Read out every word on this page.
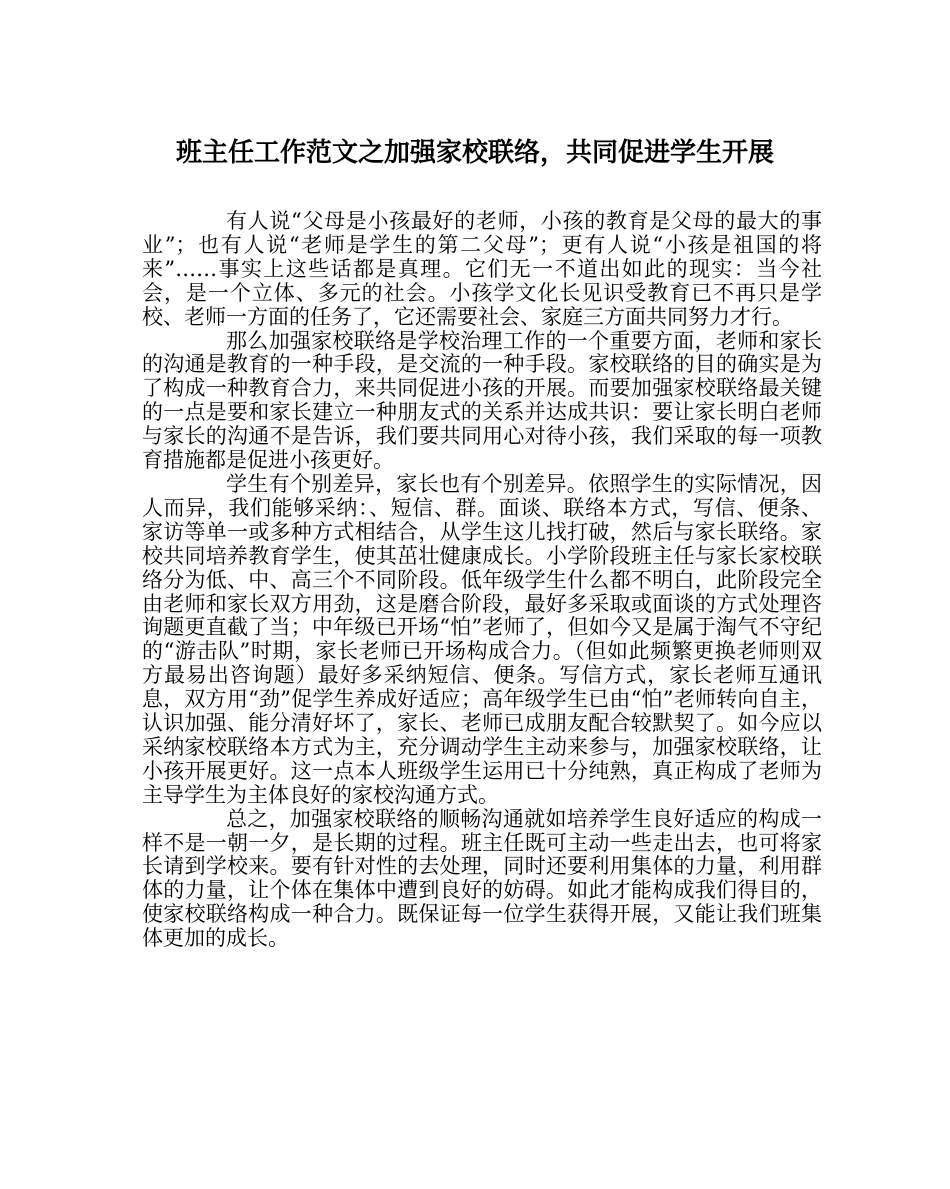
班主任工作范文之加强家校联络，共同促进学生开展

有人说“父母是小孩最好的老师，小孩的教育是父母的最大的事业”；也有人说“老师是学生的第二父母”；更有人说“小孩是祖国的将来”……事实上这些话都是真理。它们无一不道出如此的现实：当今社会，是一个立体、多元的社会。小孩学文化长见识受教育已不再只是学校、老师一方面的任务了，它还需要社会、家庭三方面共同努力才行。

那么加强家校联络是学校治理工作的一个重要方面，老师和家长的沟通是教育的一种手段，是交流的一种手段。家校联络的目的确实是为了构成一种教育合力，来共同促进小孩的开展。而要加强家校联络最关键的一点是要和家长建立一种朋友式的关系并达成共识：要让家长明白老师与家长的沟通不是告诉，我们要共同用心对待小孩，我们采取的每一项教育措施都是促进小孩更好。

学生有个别差异，家长也有个别差异。依照学生的实际情况，因人而异，我们能够采纳：、短信、群。面谈、联络本方式，写信、便条、家访等单一或多种方式相结合，从学生这儿找打破，然后与家长联络。家校共同培养教育学生，使其茁壮健康成长。小学阶段班主任与家长家校联络分为低、中、高三个不同阶段。低年级学生什么都不明白，此阶段完全由老师和家长双方用劲，这是磨合阶段，最好多采取或面谈的方式处理咨询题更直截了当；中年级已开场“怕”老师了，但如今又是属于淘气不守纪的“游击队”时期，家长老师已开场构成合力。（但如此频繁更换老师则双方最易出咨询题）最好多采纳短信、便条。写信方式，家长老师互通讯息，双方用“劲”促学生养成好适应；高年级学生已由“怕”老师转向自主，认识加强、能分清好坏了，家长、老师已成朋友配合较默契了。如今应以采纳家校联络本方式为主，充分调动学生主动来参与，加强家校联络，让小孩开展更好。这一点本人班级学生运用已十分纯熟，真正构成了老师为主导学生为主体良好的家校沟通方式。

总之，加强家校联络的顺畅沟通就如培养学生良好适应的构成一样不是一朝一夕，是长期的过程。班主任既可主动一些走出去，也可将家长请到学校来。要有针对性的去处理，同时还要利用集体的力量，利用群体的力量，让个体在集体中遭到良好的妨碍。如此才能构成我们得目的，使家校联络构成一种合力。既保证每一位学生获得开展，又能让我们班集体更加的成长。
